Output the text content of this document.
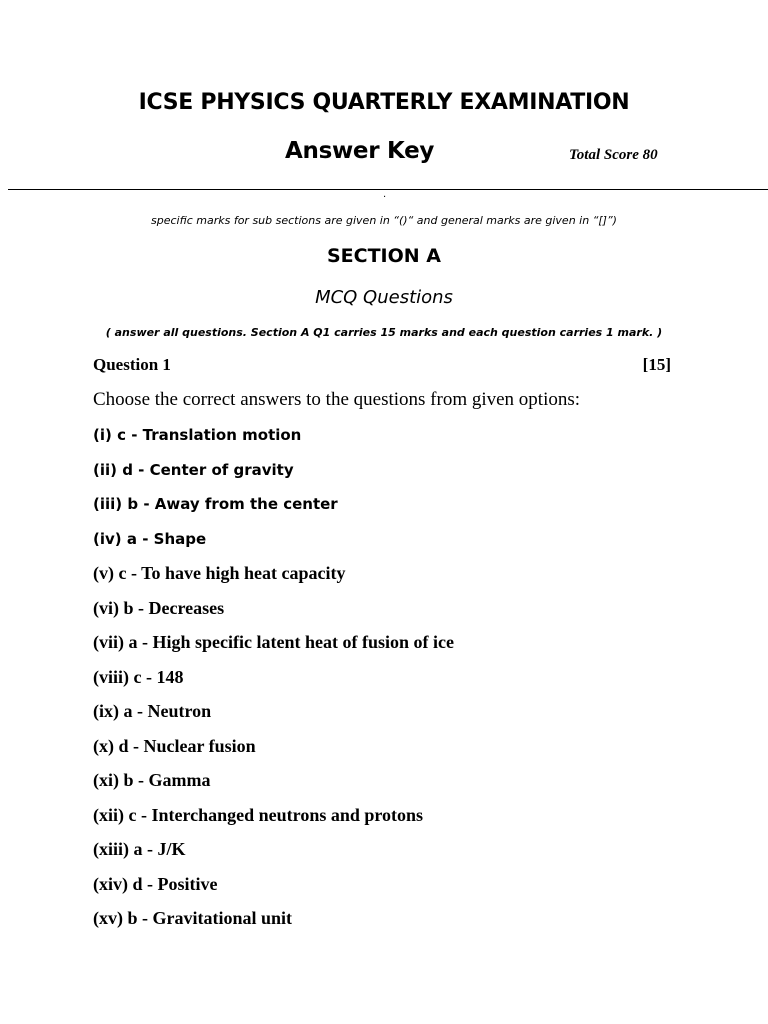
ICSE PHYSICS QUARTERLY EXAMINATION
Answer Key	Total Score 80
.
specific marks for sub sections are given in “()“ and general marks are given in “[]”)
SECTION A
MCQ Questions
( answer all questions. Section A Q1 carries 15 marks and each question carries 1 mark. )
Question 1	[15]
Choose the correct answers to the questions from given options:
(i) c - Translation motion
(ii) d - Center of gravity
(iii) b - Away from the center
(iv) a - Shape
(v) c - To have high heat capacity
(vi) b - Decreases
(vii) a - High specific latent heat of fusion of ice
(viii) c - 148
(ix) a - Neutron
(x) d - Nuclear fusion
(xi) b - Gamma
(xii) c - Interchanged neutrons and protons
(xiii) a - J/K
(xiv) d - Positive
(xv) b - Gravitational unit
